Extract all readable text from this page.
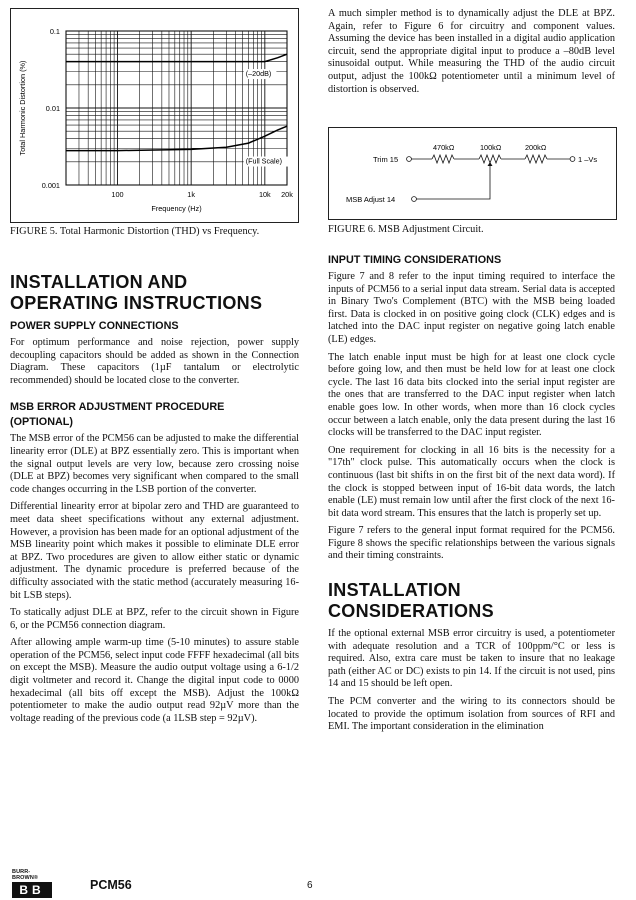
0.1
0.01
0.001
100	1k	10k 20k
Frequency (Hz)
Total Harmonic Distortion (%)	(–20dB)
(Full Scale)
FIGURE 5. Total Harmonic Distortion (THD) vs Frequency.
Trim 15	1 –Vs
470kΩ	100kΩ	200kΩ
MSB Adjust 14
FIGURE 6. MSB Adjustment Circuit.
INSTALLATION AND
OPERATING INSTRUCTIONS
POWER SUPPLY CONNECTIONS

For optimum performance and noise rejection, power supply decoupling capacitors should be added as shown in the Connection Diagram. These capacitors (1µF tantalum or electrolytic recommended) should be located close to the converter.

MSB ERROR ADJUSTMENT PROCEDURE
(OPTIONAL)

The MSB error of the PCM56 can be adjusted to make the differential linearity error (DLE) at BPZ essentially zero. This is important when the signal output levels are very low, because zero crossing noise (DLE at BPZ) becomes very significant when compared to the small code changes occurring in the LSB portion of the converter.

Differential linearity error at bipolar zero and THD are guaranteed to meet data sheet specifications without any external adjustment. However, a provision has been made for an optional adjustment of the MSB linearity point which makes it possible to eliminate DLE error at BPZ. Two procedures are given to allow either static or dynamic adjustment. The dynamic procedure is preferred because of the difficulty associated with the static method (accurately measuring 16-bit LSB steps).

To statically adjust DLE at BPZ, refer to the circuit shown in Figure 6, or the PCM56 connection diagram.

After allowing ample warm-up time (5-10 minutes) to assure stable operation of the PCM56, select input code FFFF hexadecimal (all bits on except the MSB). Measure the audio output voltage using a 6-1/2 digit voltmeter and record it. Change the digital input code to 0000 hexadecimal (all bits off except the MSB). Adjust the 100kΩ potentiometer to make the audio output read 92µV more than the voltage reading of the previous code (a 1LSB step = 92µV).

A much simpler method is to dynamically adjust the DLE at BPZ. Again, refer to Figure 6 for circuitry and component values. Assuming the device has been installed in a digital audio application circuit, send the appropriate digital input to produce a –80dB level sinusoidal output. While measuring the THD of the audio circuit output, adjust the 100kΩ potentiometer until a minimum level of distortion is observed.

INPUT TIMING CONSIDERATIONS

Figure 7 and 8 refer to the input timing required to interface the inputs of PCM56 to a serial input data stream. Serial data is accepted in Binary Two's Complement (BTC) with the MSB being loaded first. Data is clocked in on positive going clock (CLK) edges and is latched into the DAC input register on negative going latch enable (LE) edges.

The latch enable input must be high for at least one clock cycle before going low, and then must be held low for at least one clock cycle. The last 16 data bits clocked into the serial input register are the ones that are transferred to the DAC input register when latch enable goes low. In other words, when more than 16 clock cycles occur between a latch enable, only the data present during the last 16 clocks will be transferred to the DAC input register.

One requirement for clocking in all 16 bits is the necessity for a "17th" clock pulse. This automatically occurs when the clock is continuous (last bit shifts in on the first bit of the next data word). If the clock is stopped between input of 16-bit data words, the latch enable (LE) must remain low until after the first clock of the next 16-bit data word stream. This ensures that the latch is properly set up.

Figure 7 refers to the general input format required for the PCM56. Figure 8 shows the specific relationships between the various signals and their timing constraints.

INSTALLATION
CONSIDERATIONS

If the optional external MSB error circuitry is used, a potentiometer with adequate resolution and a TCR of 100ppm/°C or less is required. Also, extra care must be taken to insure that no leakage path (either AC or DC) exists to pin 14. If the circuit is not used, pins 14 and 15 should be left open.

The PCM converter and the wiring to its connectors should be located to provide the optimum isolation from sources of RFI and EMI. The important consideration in the elimination

BURR-BROWN®
BB	PCM56	6
